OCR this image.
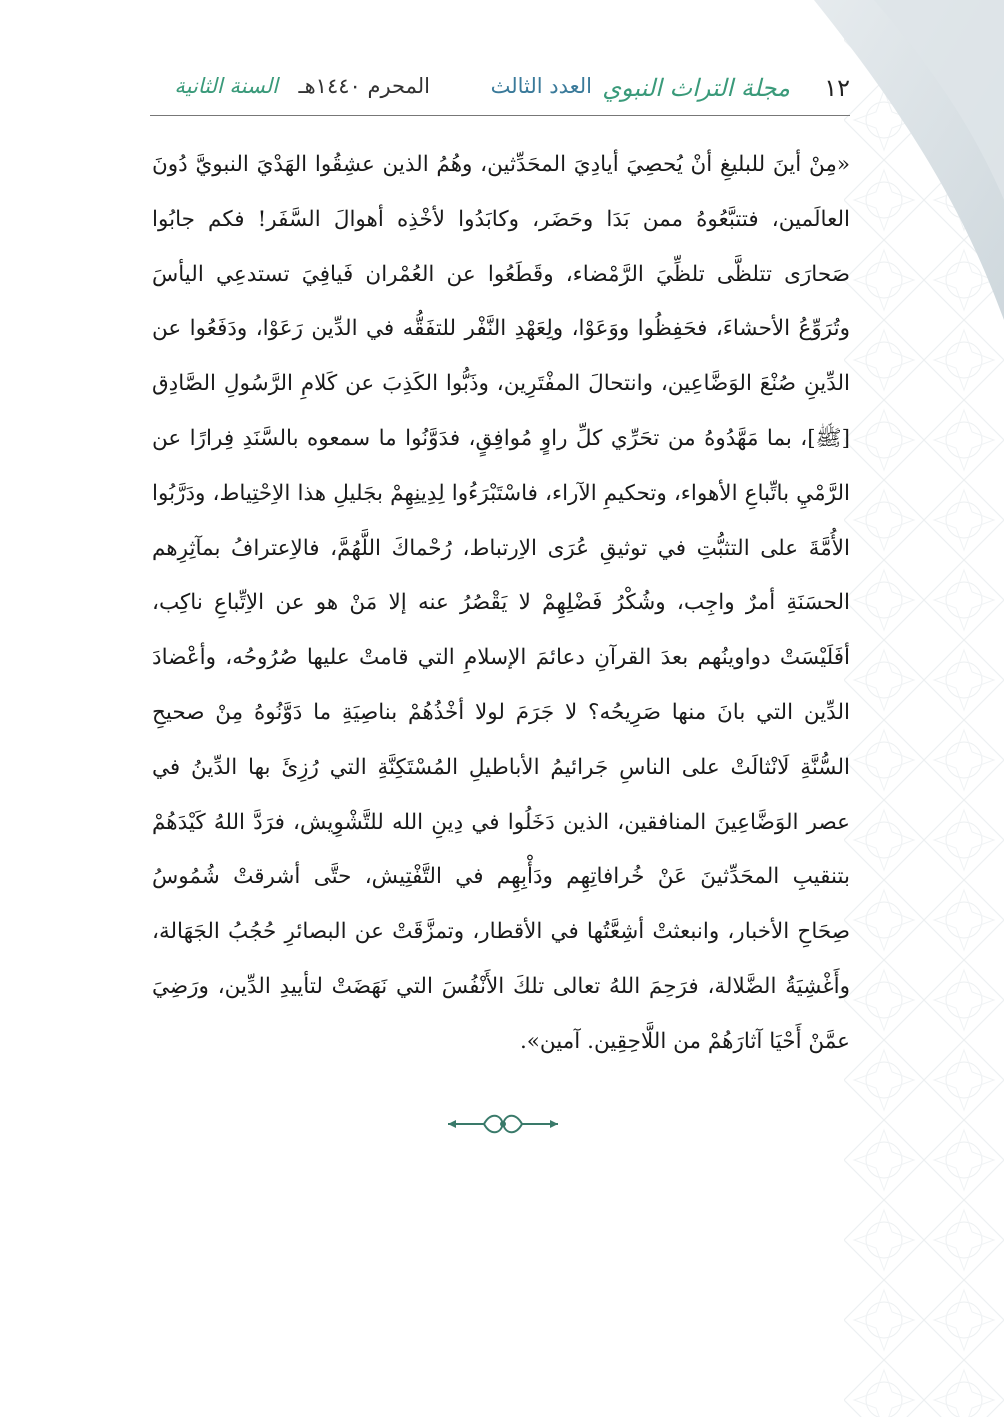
١٢
مجلة التراث النبوي
العدد الثالث
المحرم ١٤٤٠هـ
السنة الثانية
«مِنْ أينَ للبليغِ أنْ يُحصِيَ أيادِيَ المحَدِّثين، وهُمُ الذين عشِقُوا الهَدْيَ النبويَّ دُونَ العالَمين، فتتبَّعُوهُ ممن بَدَا وحَضَر، وكابَدُوا لأخْذِه أهوالَ السَّفَر! فكم جابُوا صَحارَى تتلظَّى تلظِّيَ الرَّمْضاء، وقَطَعُوا عن العُمْران فَيافِيَ تستدعِي اليأسَ وتُرَوِّعُ الأحشاءَ، فحَفِظُوا ووَعَوْا، ولِعَهْدِ النَّفْر للتفَقُّه في الدِّين رَعَوْا، ودَفَعُوا عن الدِّينِ صُنْعَ الوَضَّاعِين، وانتحالَ المفْتَرِين، وذَبُّوا الكَذِبَ عن كَلامِ الرَّسُولِ الصَّادِق [ﷺ]، بما مَهَّدُوهُ من تحَرِّي كلِّ راوٍ مُوافِقٍ، فدَوَّنُوا ما سمعوه بالسَّنَدِ فِرارًا عن الرَّمْيِ باتِّباعِ الأهواء، وتحكيمِ الآراء، فاسْتَبْرَءُوا لِدِينِهِمْ بجَليلِ هذا الاِحْتِياط، ودَرَّبُوا الأُمَّةَ على التثبُّتِ في توثيقِ عُرَى الاِرتباط، رُحْماكَ اللَّهُمَّ، فالاِعترافُ بمآثِرِهم الحسَنَةِ أمرٌ واجِب، وشُكْرُ فَضْلِهِمْ لا يَقْصُرُ عنه إلا مَنْ هو عن الاِتِّباعِ ناكِب، أفَلَيْسَتْ دواوينُهم بعدَ القرآنِ دعائمَ الإسلامِ التي قامتْ عليها صُرُوحُه، وأعْضادَ الدِّين التي بانَ منها صَرِيحُه؟ لا جَرَمَ لولا أخْذُهُمْ بناصِيَةِ ما دَوَّنُوهُ مِنْ صحيحِ السُّنَّةِ لَانْثالَتْ على الناسِ جَرائيمُ الأباطيلِ المُسْتَكِنَّةِ التي رُزِئَ بها الدِّينُ في عصر الوَضَّاعِينَ المنافقين، الذين دَخَلُوا في دِينِ الله للتَّشْوِيش، فرَدَّ اللهُ كَيْدَهُمْ بتنقيبِ المحَدِّثينَ عَنْ خُرافاتِهِم ودَأْبِهِم في التَّفْتِيش، حتَّى أشرقتْ شُمُوسُ صِحَاحِ الأخبار، وانبعثتْ أشِعَّتُها في الأقطار، وتمزَّقَتْ عن البصائرِ حُجُبُ الجَهَالة، وأَغْشِيَةُ الضَّلالة، فرَحِمَ اللهُ تعالى تلكَ الأَنْفُسَ التي نَهَضَتْ لتأييدِ الدِّين، ورَضِيَ عمَّنْ أَحْيَا آثارَهُمْ من اللَّاحِقِين. آمين».
